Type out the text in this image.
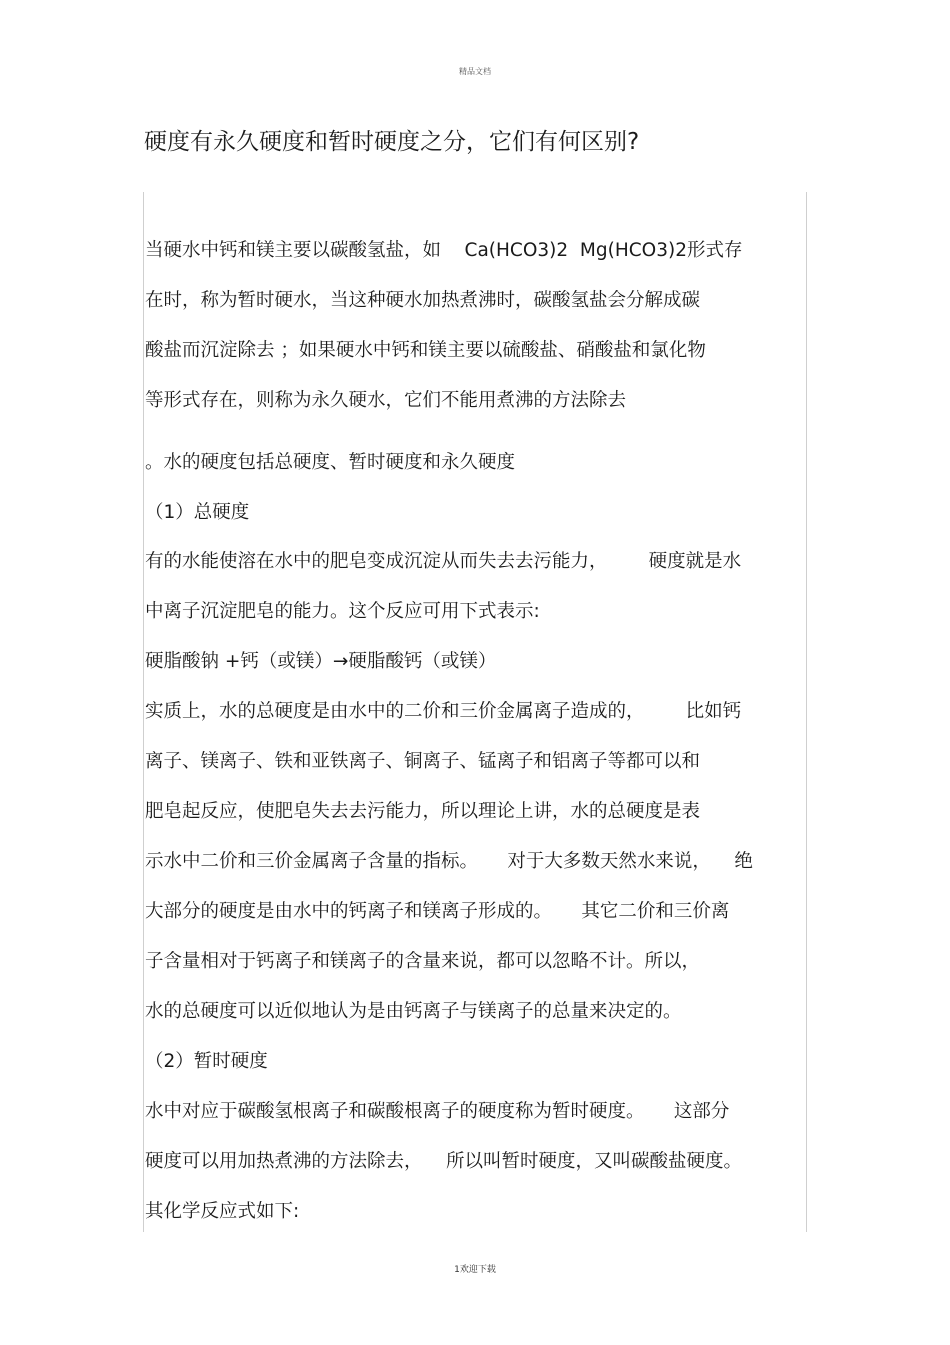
精品文档
硬度有永久硬度和暂时硬度之分，它们有何区别?
当硬水中钙和镁主要以碳酸氢盐，如    Ca(HCO3)2  Mg(HCO3)2形式存
在时，称为暂时硬水，当这种硬水加热煮沸时，碳酸氢盐会分解成碳
酸盐而沉淀除去 ；如果硬水中钙和镁主要以硫酸盐、硝酸盐和氯化物
等形式存在，则称为永久硬水，它们不能用煮沸的方法除去
。水的硬度包括总硬度、暂时硬度和永久硬度
（1）总硬度
有的水能使溶在水中的肥皂变成沉淀从而失去去污能力，       硬度就是水
中离子沉淀肥皂的能力。这个反应可用下式表示:
硬脂酸钠 +钙（或镁）→硬脂酸钙（或镁）
实质上，水的总硬度是由水中的二价和三价金属离子造成的，       比如钙
离子、镁离子、铁和亚铁离子、铜离子、锰离子和铝离子等都可以和
肥皂起反应，使肥皂失去去污能力，所以理论上讲，水的总硬度是表
示水中二价和三价金属离子含量的指标。     对于大多数天然水来说，    绝
大部分的硬度是由水中的钙离子和镁离子形成的。     其它二价和三价离
子含量相对于钙离子和镁离子的含量来说，都可以忽略不计。所以，
水的总硬度可以近似地认为是由钙离子与镁离子的总量来决定的。
（2）暂时硬度
水中对应于碳酸氢根离子和碳酸根离子的硬度称为暂时硬度。     这部分
硬度可以用加热煮沸的方法除去，    所以叫暂时硬度，又叫碳酸盐硬度。
其化学反应式如下:
1欢迎下载
